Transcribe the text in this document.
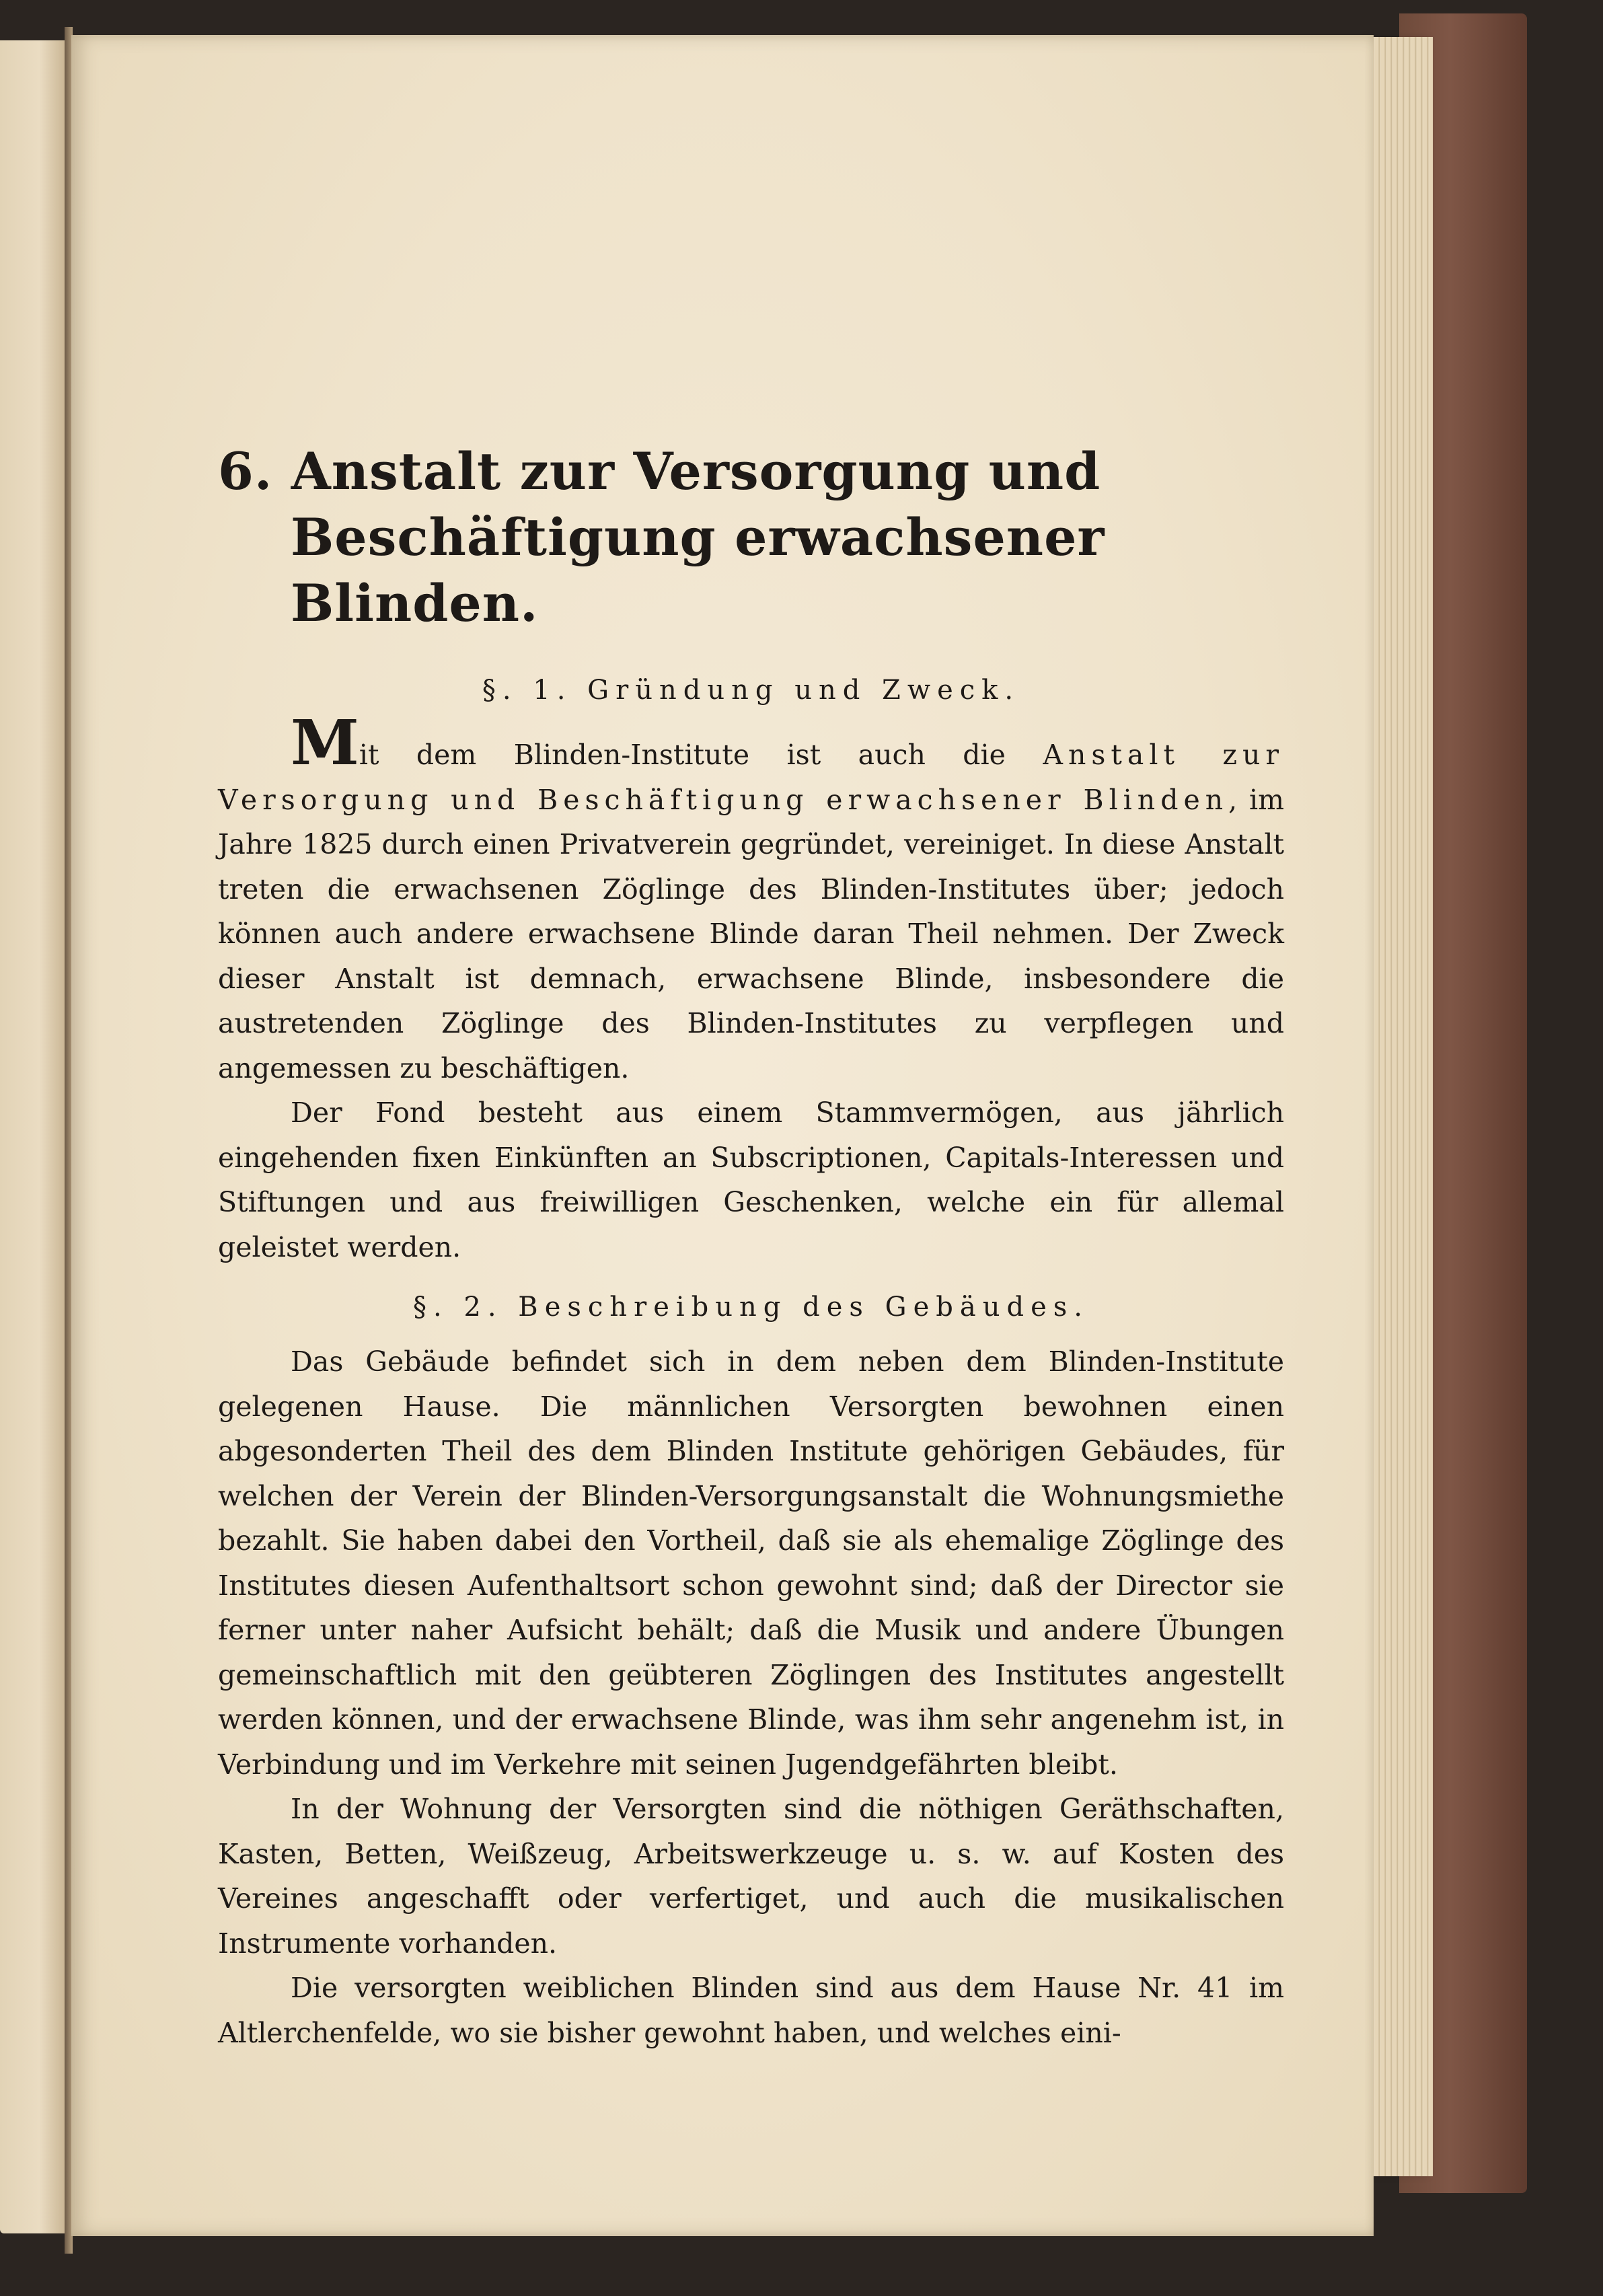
6. Anstalt zur Versorgung und Beschäftigung erwachsener Blinden.
§. 1. Gründung und Zweck.

Mit dem Blinden-Institute ist auch die Anstalt zur Versorgung und Beschäftigung erwachsener Blinden, im Jahre 1825 durch einen Privatverein gegründet, vereiniget. In diese Anstalt treten die erwachsenen Zöglinge des Blinden-Institutes über; jedoch können auch andere erwachsene Blinde daran Theil nehmen. Der Zweck dieser Anstalt ist demnach, erwachsene Blinde, insbesondere die austretenden Zöglinge des Blinden-Institutes zu verpflegen und angemessen zu beschäftigen.

Der Fond besteht aus einem Stammvermögen, aus jährlich eingehenden fixen Einkünften an Subscriptionen, Capitals-Interessen und Stiftungen und aus freiwilligen Geschenken, welche ein für allemal geleistet werden.

§. 2. Beschreibung des Gebäudes.

Das Gebäude befindet sich in dem neben dem Blinden-Institute gelegenen Hause. Die männlichen Versorgten bewohnen einen abgesonderten Theil des dem Blinden Institute gehörigen Gebäudes, für welchen der Verein der Blinden-Versorgungsanstalt die Wohnungsmiethe bezahlt. Sie haben dabei den Vortheil, daß sie als ehemalige Zöglinge des Institutes diesen Aufenthaltsort schon gewohnt sind; daß der Director sie ferner unter naher Aufsicht behält; daß die Musik und andere Übungen gemeinschaftlich mit den geübteren Zöglingen des Institutes angestellt werden können, und der erwachsene Blinde, was ihm sehr angenehm ist, in Verbindung und im Verkehre mit seinen Jugendgefährten bleibt.

In der Wohnung der Versorgten sind die nöthigen Geräthschaften, Kasten, Betten, Weißzeug, Arbeitswerkzeuge u. s. w. auf Kosten des Vereines angeschafft oder verfertiget, und auch die musikalischen Instrumente vorhanden.

Die versorgten weiblichen Blinden sind aus dem Hause Nr. 41 im Altlerchenfelde, wo sie bisher gewohnt haben, und welches eini-
